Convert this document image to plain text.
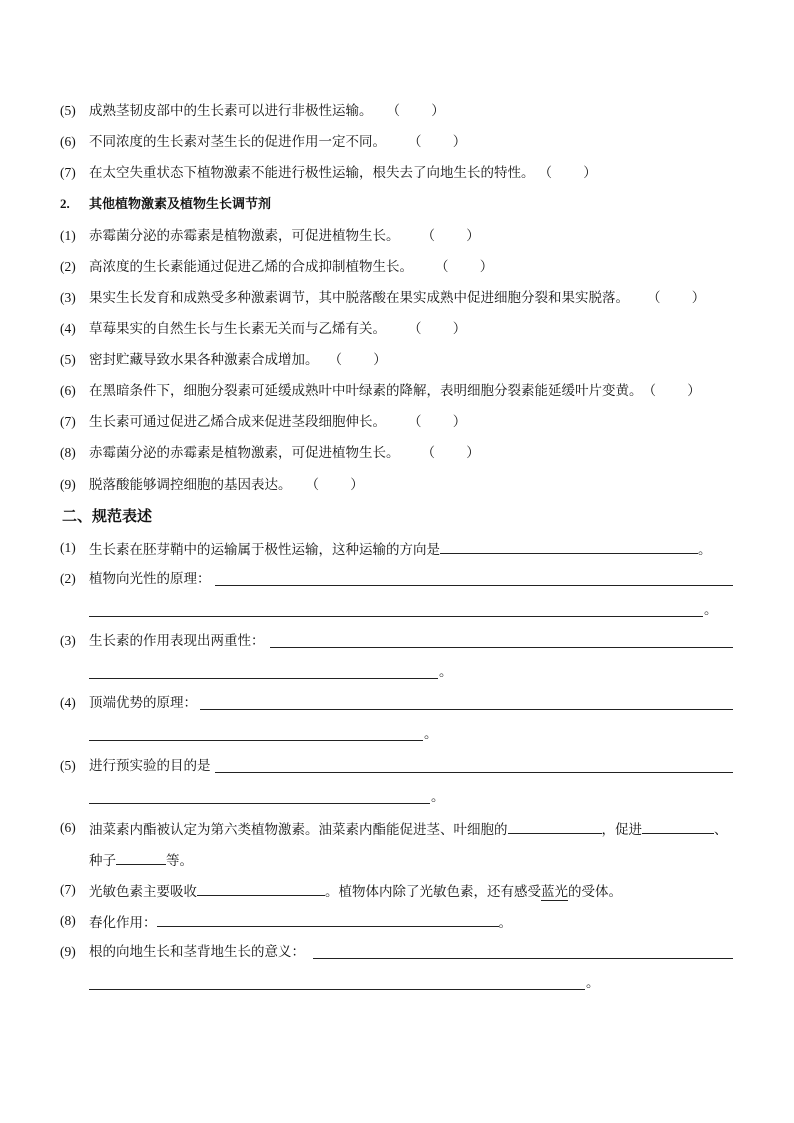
(5) 成熟茎韧皮部中的生长素可以进行非极性运输。 （ 　　）
(6) 不同浓度的生长素对茎生长的促进作用一定不同。 （ 　　）
(7) 在太空失重状态下植物激素不能进行极性运输，根失去了向地生长的特性。 （ 　　）
2. 其他植物激素及植物生长调节剂
(1) 赤霉菌分泌的赤霉素是植物激素，可促进植物生长。 （ 　　）
(2) 高浓度的生长素能通过促进乙烯的合成抑制植物生长。 （ 　　）
(3) 果实生长发育和成熟受多种激素调节，其中脱落酸在果实成熟中促进细胞分裂和果实脱落。 （ 　　）
(4) 草莓果实的自然生长与生长素无关而与乙烯有关。 （ 　　）
(5) 密封贮藏导致水果各种激素合成增加。 （ 　　）
(6) 在黑暗条件下，细胞分裂素可延缓成熟叶中叶绿素的降解，表明细胞分裂素能延缓叶片变黄。（ 　　）
(7) 生长素可通过促进乙烯合成来促进茎段细胞伸长。 （ 　　）
(8) 赤霉菌分泌的赤霉素是植物激素，可促进植物生长。 （ 　　）
(9) 脱落酸能够调控细胞的基因表达。 （ 　　）
二、规范表述
(1) 生长素在胚芽鞘中的运输属于极性运输，这种运输的方向是	。
(2) 植物向光性的原理：
。
(3) 生长素的作用表现出两重性：
。
(4) 顶端优势的原理：
。
(5) 进行预实验的目的是
。
(6) 油菜素内酯被认定为第六类植物激素。油菜素内酯能促进茎、叶细胞的	，促进	、
种子	等。
(7) 光敏色素主要吸收	。植物体内除了光敏色素，还有感受蓝光的受体。
(8) 春化作用：	。
(9) 根的向地生长和茎背地生长的意义：
。
